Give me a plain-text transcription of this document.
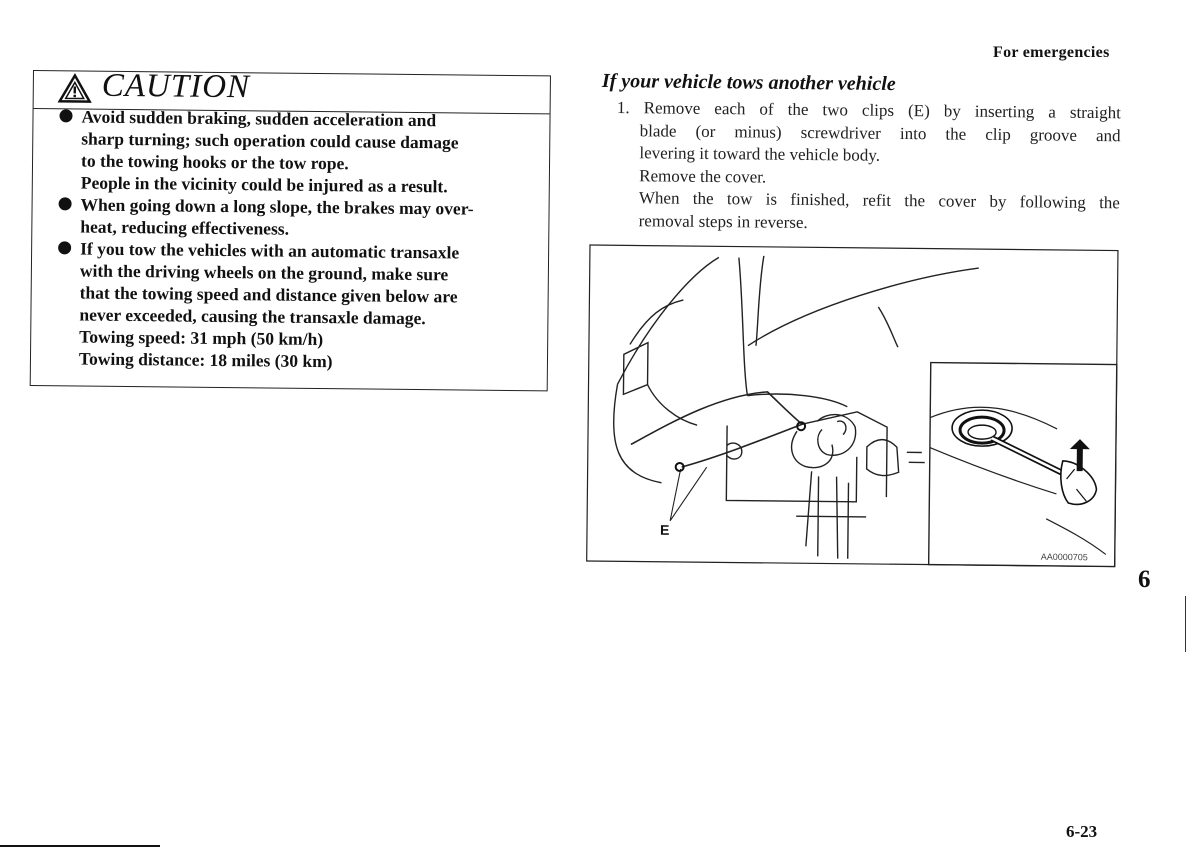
CAUTION
Avoid sudden braking, sudden acceleration and
sharp turning; such operation could cause damage
to the towing hooks or the tow rope.
People in the vicinity could be injured as a result.
When going down a long slope, the brakes may over-
heat, reducing effectiveness.
If you tow the vehicles with an automatic transaxle
with the driving wheels on the ground, make sure
that the towing speed and distance given below are
never exceeded, causing the transaxle damage.
Towing speed: 31 mph (50 km/h)
Towing distance: 18 miles (30 km)
For emergencies
If your vehicle tows another vehicle
1. Remove each of the two clips (E) by inserting a straight
blade (or minus) screwdriver into the clip groove and
levering it toward the vehicle body.
Remove the cover.
When the tow is finished, refit the cover by following the
removal steps in reverse.
E
AA0000705
6
6-23
